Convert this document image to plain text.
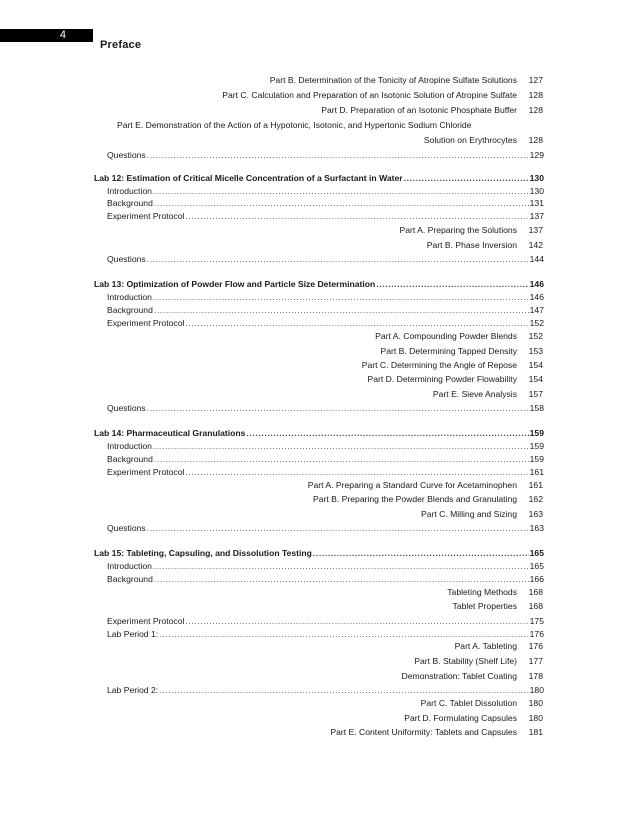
4
Preface
Part B. Determination of the Tonicity of Atropine Sulfate Solutions 127
Part C. Calculation and Preparation of an Isotonic Solution of Atropine Sulfate 128
Part D. Preparation of an Isotonic Phosphate Buffer 128
Part E. Demonstration of the Action of a Hypotonic, Isotonic, and Hypertonic Sodium Chloride
Solution on Erythrocytes 128
Questions .....	129
Lab 12: Estimation of Critical Micelle Concentration of a Surfactant in Water .....	130
Introduction .....	130
Background .....	131
Experiment Protocol .....	137
Part A. Preparing the Solutions 137
Part B. Phase Inversion 142
Questions .....	144
Lab 13: Optimization of Powder Flow and Particle Size Determination .....	146
Introduction .....	146
Background .....	147
Experiment Protocol .....	152
Part A. Compounding Powder Blends 152
Part B. Determining Tapped Density 153
Part C. Determining the Angle of Repose 154
Part D. Determining Powder Flowability 154
Part E. Sieve Analysis 157
Questions .....	158
Lab 14: Pharmaceutical Granulations .....	159
Introduction .....	159
Background .....	159
Experiment Protocol .....	161
Part A. Preparing a Standard Curve for Acetaminophen 161
Part B. Preparing the Powder Blends and Granulating 162
Part C. Milling and Sizing 163
Questions .....	163
Lab 15: Tableting, Capsuling, and Dissolution Testing .....	165
Introduction .....	165
Background .....	166
Tableting Methods 168
Tablet Properties 168
Experiment Protocol .....	175
Lab Period 1: .....	176
Part A. Tableting 176
Part B. Stability (Shelf Life) 177
Demonstration: Tablet Coating 178
Lab Period 2: .....	180
Part C. Tablet Dissolution 180
Part D. Formulating Capsules 180
Part E. Content Uniformity: Tablets and Capsules 181
